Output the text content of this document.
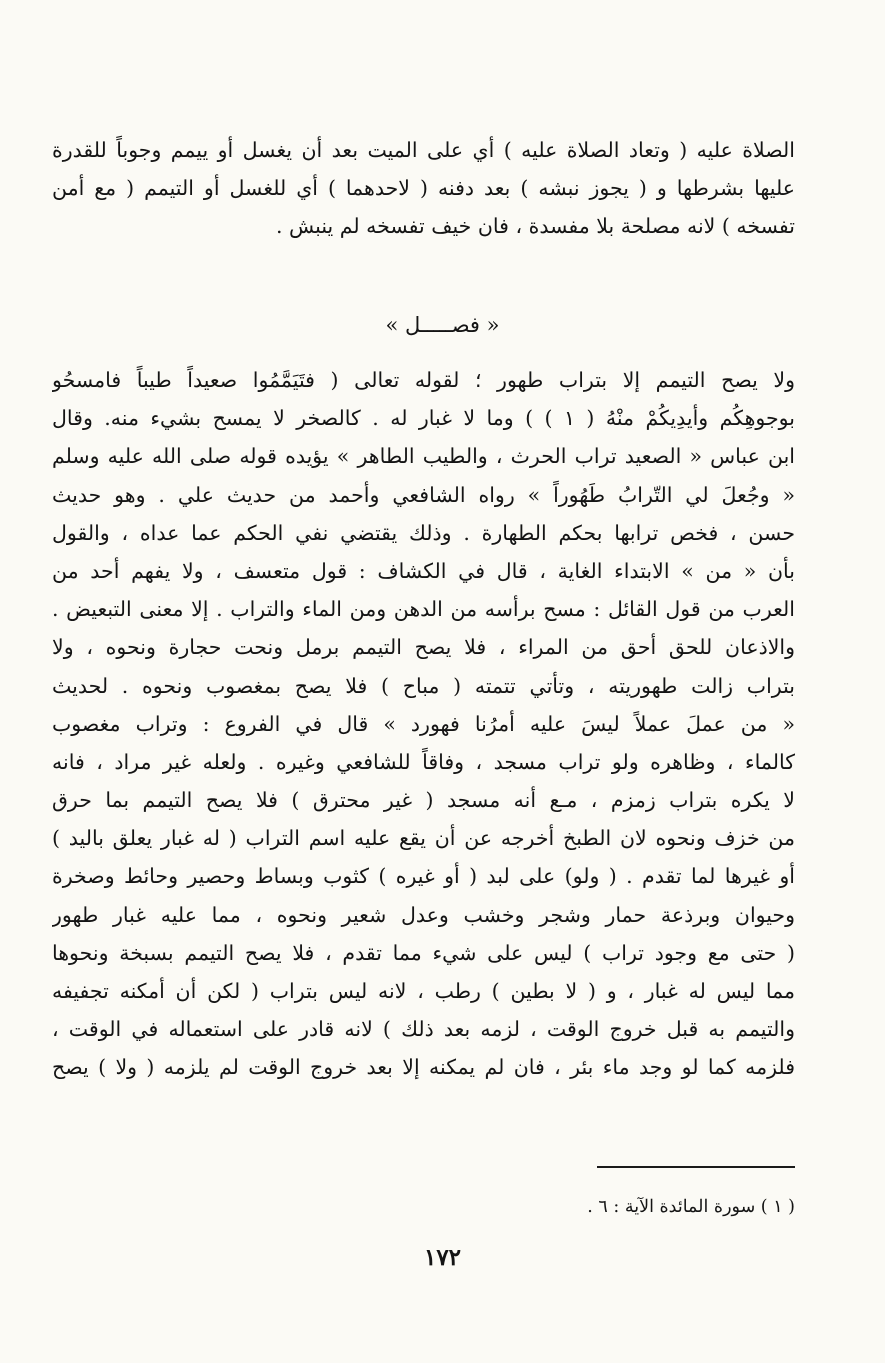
الصلاة عليه ( وتعاد الصلاة عليه ) أي على الميت بعد أن يغسل أو ييمم وجوباً للقدرة
عليها بشرطها و ( يجوز نبشه ) بعد دفنه ( لاحدهما ) أي للغسل أو التيمم ( مع أمن
تفسخه ) لانه مصلحة بلا مفسدة ، فان خيف تفسخه لم ينبش .
« فصـــــل »
ولا يصح التيمم إلا بتراب طهور ؛ لقوله تعالى ( فتَيَمَّمُوا صعيداً طيباً فامسحُو
بوجوهِكُم وأيدِيكُمْ منْهُ ( ١ ) ) وما لا غبار له . كالصخر لا يمسح بشيء منه. وقال
ابن عباس « الصعيد تراب الحرث ، والطيب الطاهر » يؤيده قوله صلى الله عليه وسلم
« وجُعلَ لي التّرابُ طَهُوراً » رواه الشافعي وأحمد من حديث علي . وهو حديث
حسن ، فخص ترابها بحكم الطهارة . وذلك يقتضي نفي الحكم عما عداه ، والقول
بأن « من » الابتداء الغاية ، قال في الكشاف : قول متعسف ، ولا يفهم أحد من
العرب من قول القائل : مسح برأسه من الدهن ومن الماء والتراب . إلا معنى التبعيض .
والاذعان للحق أحق من المراء ، فلا يصح التيمم برمل ونحت حجارة ونحوه ، ولا
بتراب زالت طهوريته ، وتأتي تتمته ( مباح ) فلا يصح بمغصوب ونحوه . لحديث
« من عملَ عملاً ليسَ عليه أمرُنا فهورد » قال في الفروع : وتراب مغصوب
كالماء ، وظاهره ولو تراب مسجد ، وفاقاً للشافعي وغيره . ولعله غير مراد ، فانه
لا يكره بتراب زمزم ، مـع أنه مسجد ( غير محترق ) فلا يصح التيمم بما حرق
من خزف ونحوه لان الطبخ أخرجه عن أن يقع عليه اسم التراب ( له غبار يعلق باليد )
أو غيرها لما تقدم . ( ولو) على لبد ( أو غيره ) كثوب وبساط وحصير وحائط وصخرة
وحيوان وبرذعة حمار وشجر وخشب وعدل شعير ونحوه ، مما عليه غبار طهور
( حتى مع وجود تراب ) ليس على شيء مما تقدم ، فلا يصح التيمم بسبخة ونحوها
مما ليس له غبار ، و ( لا بطين ) رطب ، لانه ليس بتراب ( لكن أن أمكنه تجفيفه
والتيمم به قبل خروج الوقت ، لزمه بعد ذلك ) لانه قادر على استعماله في الوقت ،
فلزمه كما لو وجد ماء بئر ، فان لم يمكنه إلا بعد خروج الوقت لم يلزمه ( ولا ) يصح
( ١ ) سورة المائدة الآية : ٦ .
١٧٢
